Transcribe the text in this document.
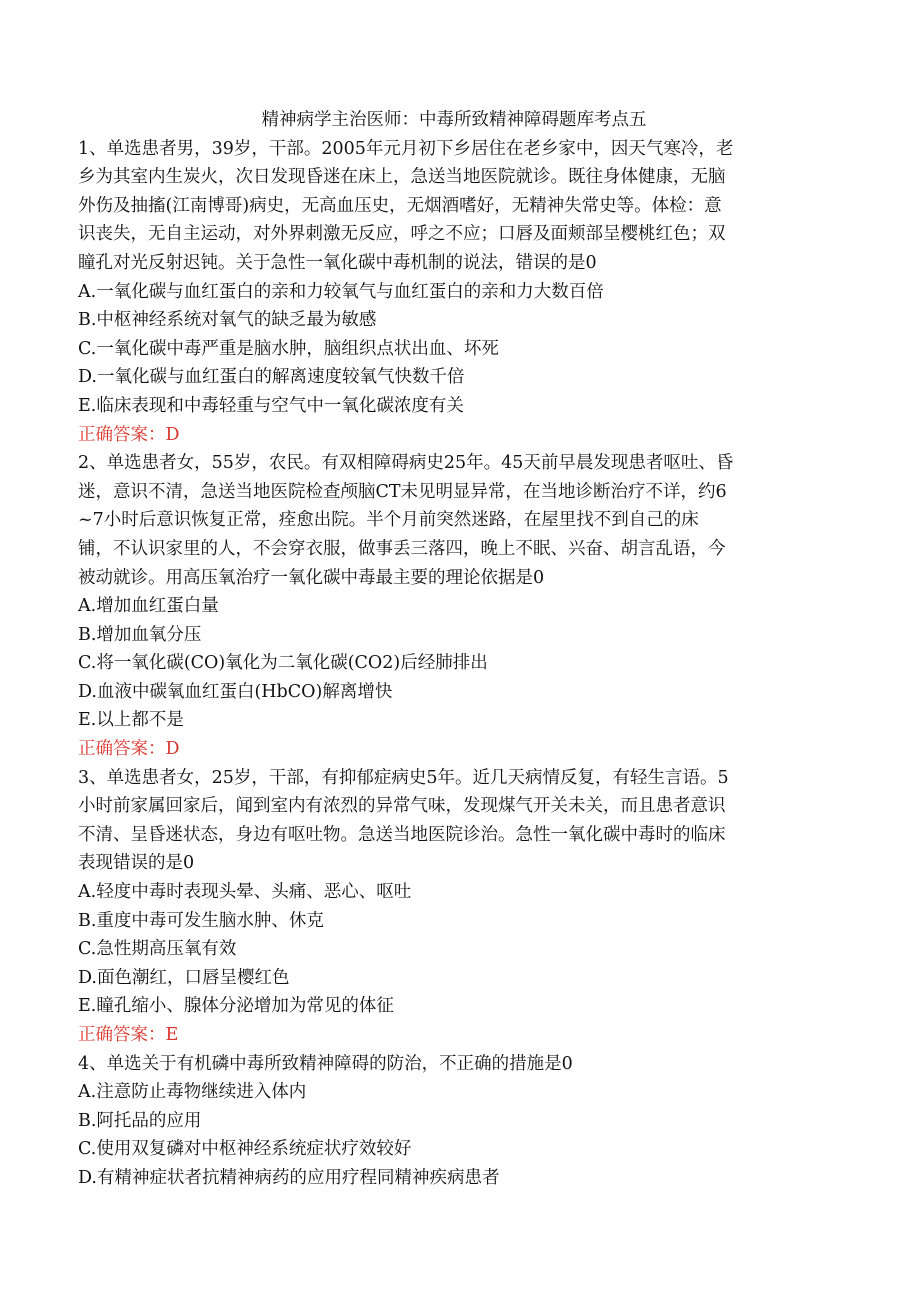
精神病学主治医师：中毒所致精神障碍题库考点五

1、单选患者男，39岁，干部。2005年元月初下乡居住在老乡家中，因天气寒冷，老

乡为其室内生炭火，次日发现昏迷在床上，急送当地医院就诊。既往身体健康，无脑

外伤及抽搐(江南博哥)病史，无高血压史，无烟酒嗜好，无精神失常史等。体检：意

识丧失，无自主运动，对外界刺激无反应，呼之不应；口唇及面颊部呈樱桃红色；双

瞳孔对光反射迟钝。关于急性一氧化碳中毒机制的说法，错误的是0

A.一氧化碳与血红蛋白的亲和力较氧气与血红蛋白的亲和力大数百倍

B.中枢神经系统对氧气的缺乏最为敏感

C.一氧化碳中毒严重是脑水肿，脑组织点状出血、坏死

D.一氧化碳与血红蛋白的解离速度较氧气快数千倍

E.临床表现和中毒轻重与空气中一氧化碳浓度有关

正确答案：D

2、单选患者女，55岁，农民。有双相障碍病史25年。45天前早晨发现患者呕吐、昏

迷，意识不清，急送当地医院检查颅脑CT未见明显异常，在当地诊断治疗不详，约6

~7小时后意识恢复正常，痊愈出院。半个月前突然迷路，在屋里找不到自己的床

铺，不认识家里的人，不会穿衣服，做事丢三落四，晚上不眠、兴奋、胡言乱语，今

被动就诊。用高压氧治疗一氧化碳中毒最主要的理论依据是0

A.增加血红蛋白量

B.增加血氧分压

C.将一氧化碳(CO)氧化为二氧化碳(CO2)后经肺排出

D.血液中碳氧血红蛋白(HbCO)解离增快

E.以上都不是

正确答案：D

3、单选患者女，25岁，干部，有抑郁症病史5年。近几天病情反复，有轻生言语。5

小时前家属回家后，闻到室内有浓烈的异常气味，发现煤气开关未关，而且患者意识

不清、呈昏迷状态，身边有呕吐物。急送当地医院诊治。急性一氧化碳中毒时的临床

表现错误的是0

A.轻度中毒时表现头晕、头痛、恶心、呕吐

B.重度中毒可发生脑水肿、休克

C.急性期高压氧有效

D.面色潮红，口唇呈樱红色

E.瞳孔缩小、腺体分泌增加为常见的体征

正确答案：E

4、单选关于有机磷中毒所致精神障碍的防治，不正确的措施是0

A.注意防止毒物继续进入体内

B.阿托品的应用

C.使用双复磷对中枢神经系统症状疗效较好

D.有精神症状者抗精神病药的应用疗程同精神疾病患者
